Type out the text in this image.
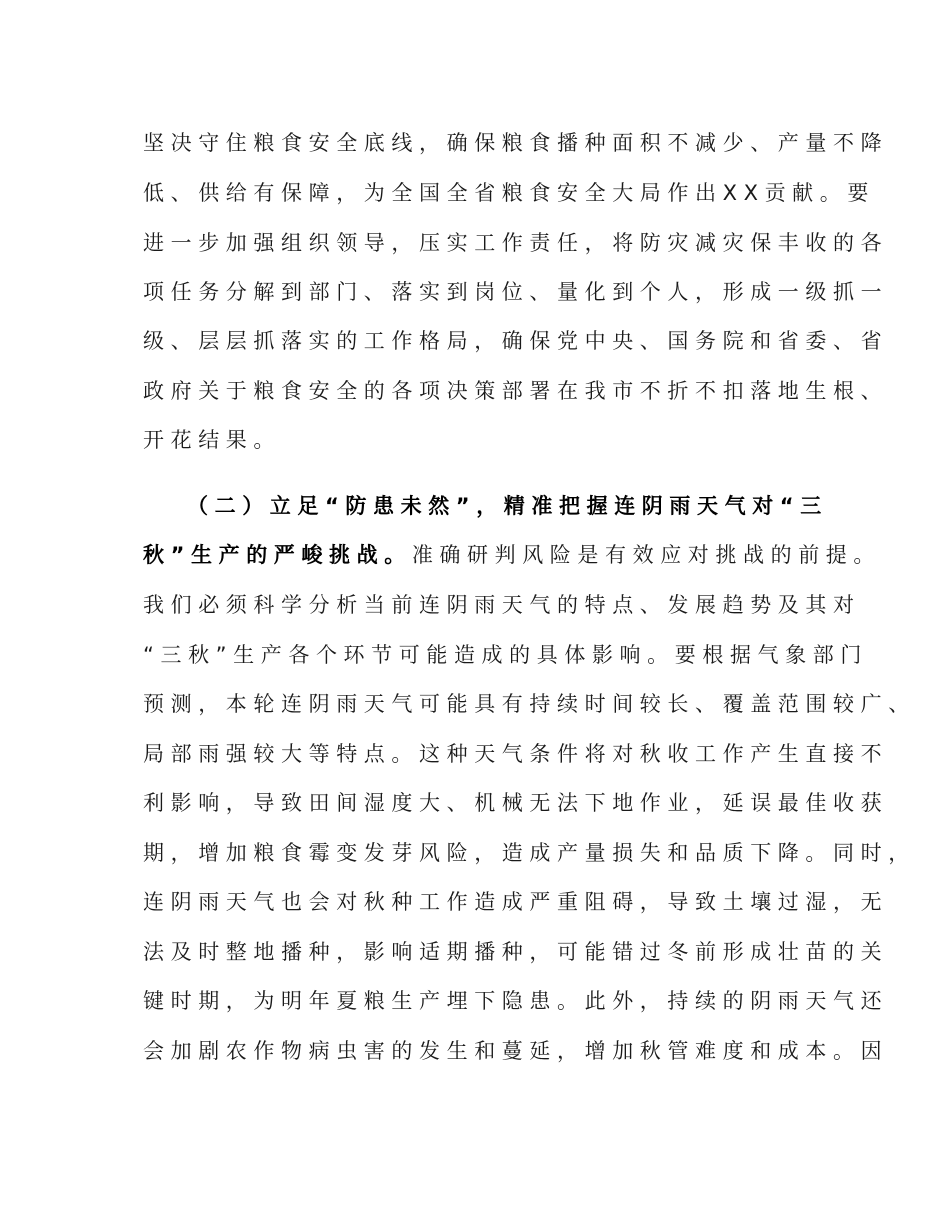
坚决守住粮食安全底线，确保粮食播种面积不减少、产量不降
低、供给有保障，为全国全省粮食安全大局作出XX贡献。要
进一步加强组织领导，压实工作责任，将防灾减灾保丰收的各
项任务分解到部门、落实到岗位、量化到个人，形成一级抓一
级、层层抓落实的工作格局，确保党中央、国务院和省委、省
政府关于粮食安全的各项决策部署在我市不折不扣落地生根、
开花结果。
（二）立足“防患未然”，精准把握连阴雨天气对“三
秋”生产的严峻挑战。准确研判风险是有效应对挑战的前提。
我们必须科学分析当前连阴雨天气的特点、发展趋势及其对
“三秋”生产各个环节可能造成的具体影响。要根据气象部门
预测，本轮连阴雨天气可能具有持续时间较长、覆盖范围较广、
局部雨强较大等特点。这种天气条件将对秋收工作产生直接不
利影响，导致田间湿度大、机械无法下地作业，延误最佳收获
期，增加粮食霉变发芽风险，造成产量损失和品质下降。同时，
连阴雨天气也会对秋种工作造成严重阻碍，导致土壤过湿，无
法及时整地播种，影响适期播种，可能错过冬前形成壮苗的关
键时期，为明年夏粮生产埋下隐患。此外，持续的阴雨天气还
会加剧农作物病虫害的发生和蔓延，增加秋管难度和成本。因
